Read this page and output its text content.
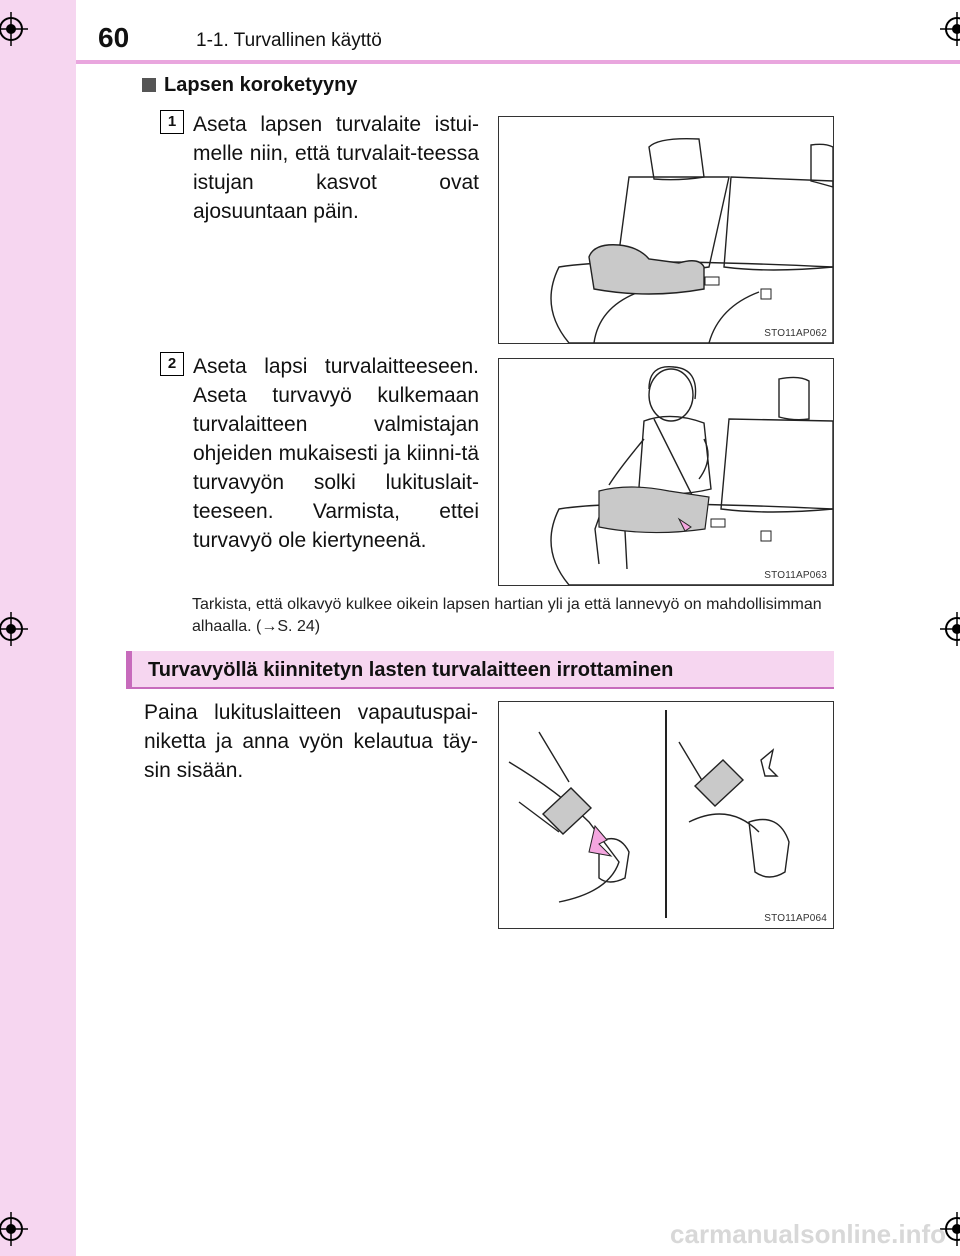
60	1-1. Turvallinen käyttö
Lapsen koroketyyny
1 Aseta lapsen turvalaite istui-melle niin, että turvalait-teessa istujan kasvot ovat ajosuuntaan päin.
STO11AP062
2 Aseta lapsi turvalaitteeseen. Aseta turvavyö kulkemaan turvalaitteen valmistajan ohjeiden mukaisesti ja kiinni-tä turvavyön solki lukituslait-teeseen. Varmista, ettei turvavyö ole kiertyneenä.
STO11AP063
Tarkista, että olkavyö kulkee oikein lapsen hartian yli ja että lannevyö on mahdollisimman alhaalla. (→S. 24)
Turvavyöllä kiinnitetyn lasten turvalaitteen irrottaminen
Paina lukituslaitteen vapautuspai-niketta ja anna vyön kelautua täy-sin sisään.
STO11AP064
carmanualsonline.info
